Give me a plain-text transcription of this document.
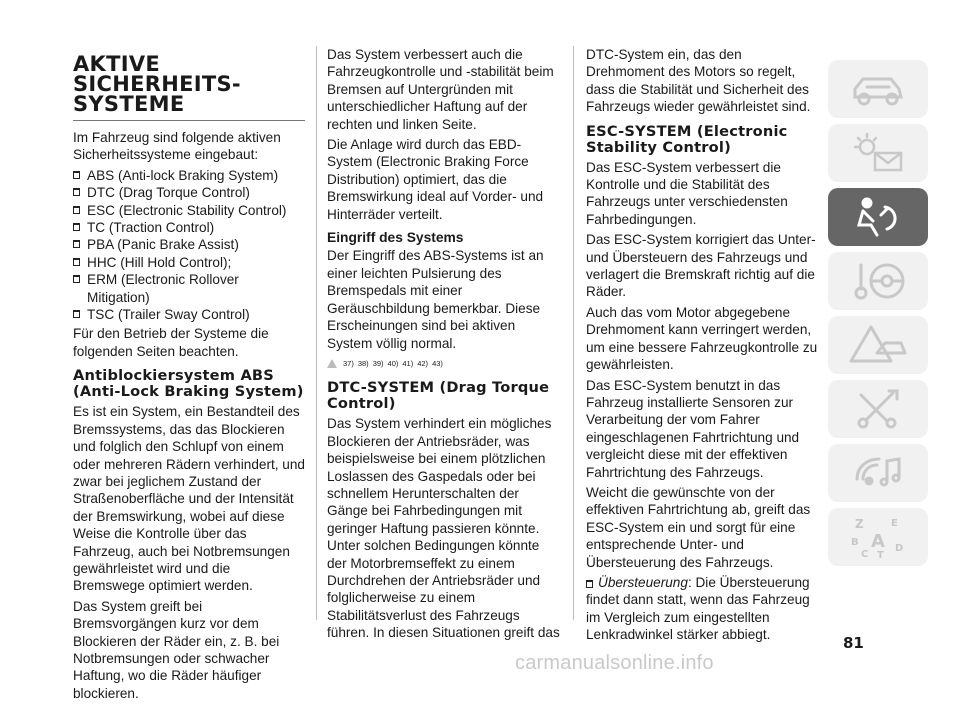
AKTIVE
SICHERHEITS-
SYSTEME

Im Fahrzeug sind folgende aktiven Sicherheitssysteme eingebaut:

ABS (Anti-lock Braking System)
DTC (Drag Torque Control)
ESC (Electronic Stability Control)
TC (Traction Control)
PBA (Panic Brake Assist)
HHC (Hill Hold Control);
ERM (Electronic Rollover Mitigation)
TSC (Trailer Sway Control)

Für den Betrieb der Systeme die folgenden Seiten beachten.

Antiblockiersystem ABS (Anti-Lock Braking System)

Es ist ein System, ein Bestandteil des Bremssystems, das das Blockieren und folglich den Schlupf von einem oder mehreren Rädern verhindert, und zwar bei jeglichem Zustand der Straßenoberfläche und der Intensität der Bremswirkung, wobei auf diese Weise die Kontrolle über das Fahrzeug, auch bei Notbremsungen gewährleistet wird und die Bremswege optimiert werden.

Das System greift bei Bremsvorgängen kurz vor dem Blockieren der Räder ein, z. B. bei Notbremsungen oder schwacher Haftung, wo die Räder häufiger blockieren.

Das System verbessert auch die Fahrzeugkontrolle und -stabilität beim Bremsen auf Untergründen mit unterschiedlicher Haftung auf der rechten und linken Seite.

Die Anlage wird durch das EBD-System (Electronic Braking Force Distribution) optimiert, das die Bremswirkung ideal auf Vorder- und Hinterräder verteilt.

Eingriff des Systems

Der Eingriff des ABS-Systems ist an einer leichten Pulsierung des Bremspedals mit einer Geräuschbildung bemerkbar. Diese Erscheinungen sind bei aktiven System völlig normal.

37) 38) 39) 40) 41) 42) 43)
DTC-SYSTEM (Drag Torque Control)

Das System verhindert ein mögliches Blockieren der Antriebsräder, was beispielsweise bei einem plötzlichen Loslassen des Gaspedals oder bei schnellem Herunterschalten der Gänge bei Fahrbedingungen mit geringer Haftung passieren könnte. Unter solchen Bedingungen könnte der Motorbremseffekt zu einem Durchdrehen der Antriebsräder und folglicherweise zu einem Stabilitätsverlust des Fahrzeugs führen. In diesen Situationen greift das

DTC-System ein, das den Drehmoment des Motors so regelt, dass die Stabilität und Sicherheit des Fahrzeugs wieder gewährleistet sind.

ESC-SYSTEM (Electronic Stability Control)

Das ESC-System verbessert die Kontrolle und die Stabilität des Fahrzeugs unter verschiedensten Fahrbedingungen.

Das ESC-System korrigiert das Unter- und Übersteuern des Fahrzeugs und verlagert die Bremskraft richtig auf die Räder.

Auch das vom Motor abgegebene Drehmoment kann verringert werden, um eine bessere Fahrzeugkontrolle zu gewährleisten.

Das ESC-System benutzt in das Fahrzeug installierte Sensoren zur Verarbeitung der vom Fahrer eingeschlagenen Fahrtrichtung und vergleicht diese mit der effektiven Fahrtrichtung des Fahrzeugs.

Weicht die gewünschte von der effektiven Fahrtrichtung ab, greift das ESC-System ein und sorgt für eine entsprechende Unter- und Übersteuerung des Fahrzeugs.

Übersteuerung: Die Übersteuerung findet dann statt, wenn das Fahrzeug im Vergleich zum eingestellten Lenkradwinkel stärker abbiegt.

Z	E
B A
C T
D
81
carmanualsonline.info
